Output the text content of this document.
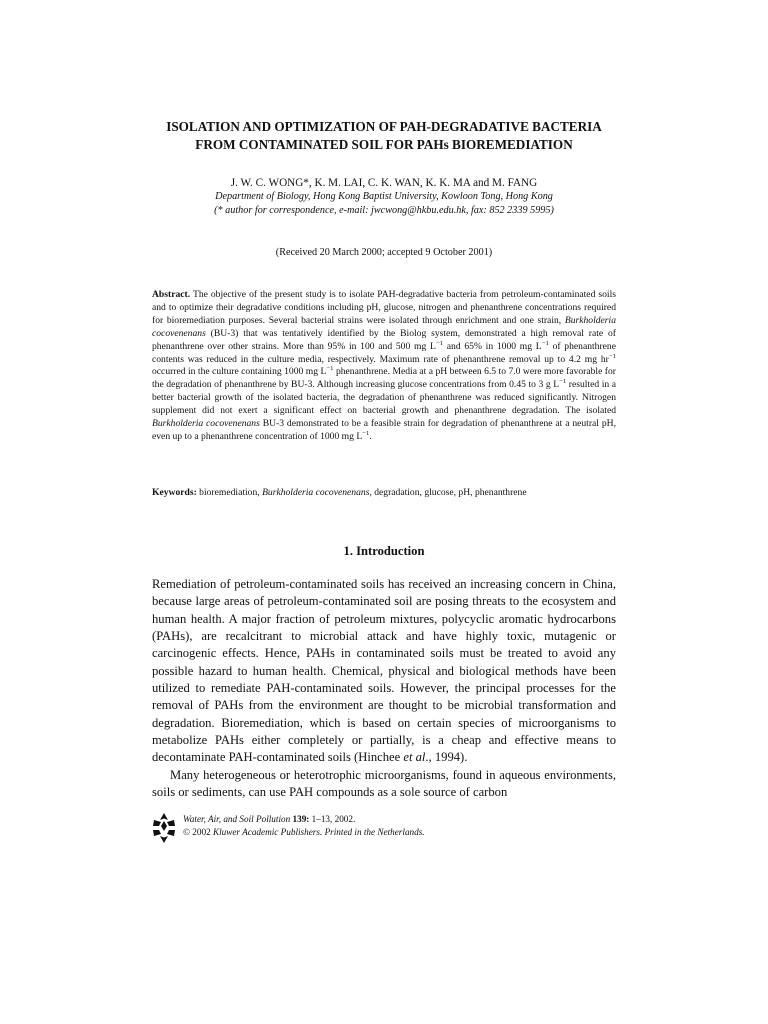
ISOLATION AND OPTIMIZATION OF PAH-DEGRADATIVE BACTERIA
FROM CONTAMINATED SOIL FOR PAHs BIOREMEDIATION
J. W. C. WONG*, K. M. LAI, C. K. WAN, K. K. MA and M. FANG
Department of Biology, Hong Kong Baptist University, Kowloon Tong, Hong Kong
(* author for correspondence, e-mail: jwcwong@hkbu.edu.hk, fax: 852 2339 5995)
(Received 20 March 2000; accepted 9 October 2001)
Abstract. The objective of the present study is to isolate PAH-degradative bacteria from petroleum-contaminated soils and to optimize their degradative conditions including pH, glucose, nitrogen and phenanthrene concentrations required for bioremediation purposes. Several bacterial strains were isolated through enrichment and one strain, Burkholderia cocovenenans (BU-3) that was tentatively identified by the Biolog system, demonstrated a high removal rate of phenanthrene over other strains. More than 95% in 100 and 500 mg $L^{-1}$ and 65% in 1000 mg $L^{-1}$ of phenanthrene contents was reduced in the culture media, respectively. Maximum rate of phenanthrene removal up to 4.2 mg $hr^{-1}$ occurred in the culture containing 1000 mg $L^{-1}$ phenanthrene. Media at a pH between 6.5 to 7.0 were more favorable for the degradation of phenanthrene by BU-3. Although increasing glucose concentrations from 0.45 to 3 g $L^{-1}$ resulted in a better bacterial growth of the isolated bacteria, the degradation of phenanthrene was reduced significantly. Nitrogen supplement did not exert a significant effect on bacterial growth and phenanthrene degradation. The isolated Burkholderia cocovenenans BU-3 demonstrated to be a feasible strain for degradation of phenanthrene at a neutral pH, even up to a phenanthrene concentration of 1000 mg $L^{-1}$.
Keywords: bioremediation, Burkholderia cocovenenans, degradation, glucose, pH, phenanthrene
1. Introduction

Remediation of petroleum-contaminated soils has received an increasing concern in China, because large areas of petroleum-contaminated soil are posing threats to the ecosystem and human health. A major fraction of petroleum mixtures, polycyclic aromatic hydrocarbons (PAHs), are recalcitrant to microbial attack and have highly toxic, mutagenic or carcinogenic effects. Hence, PAHs in contaminated soils must be treated to avoid any possible hazard to human health. Chemical, physical and biological methods have been utilized to remediate PAH-contaminated soils. However, the principal processes for the removal of PAHs from the environment are thought to be microbial transformation and degradation. Bioremediation, which is based on certain species of microorganisms to metabolize PAHs either completely or partially, is a cheap and effective means to decontaminate PAH-contaminated soils (Hinchee et al., 1994).

Many heterogeneous or heterotrophic microorganisms, found in aqueous environments, soils or sediments, can use PAH compounds as a sole source of carbon

Water, Air, and Soil Pollution 139: 1–13, 2002.
© 2002 Kluwer Academic Publishers. Printed in the Netherlands.
